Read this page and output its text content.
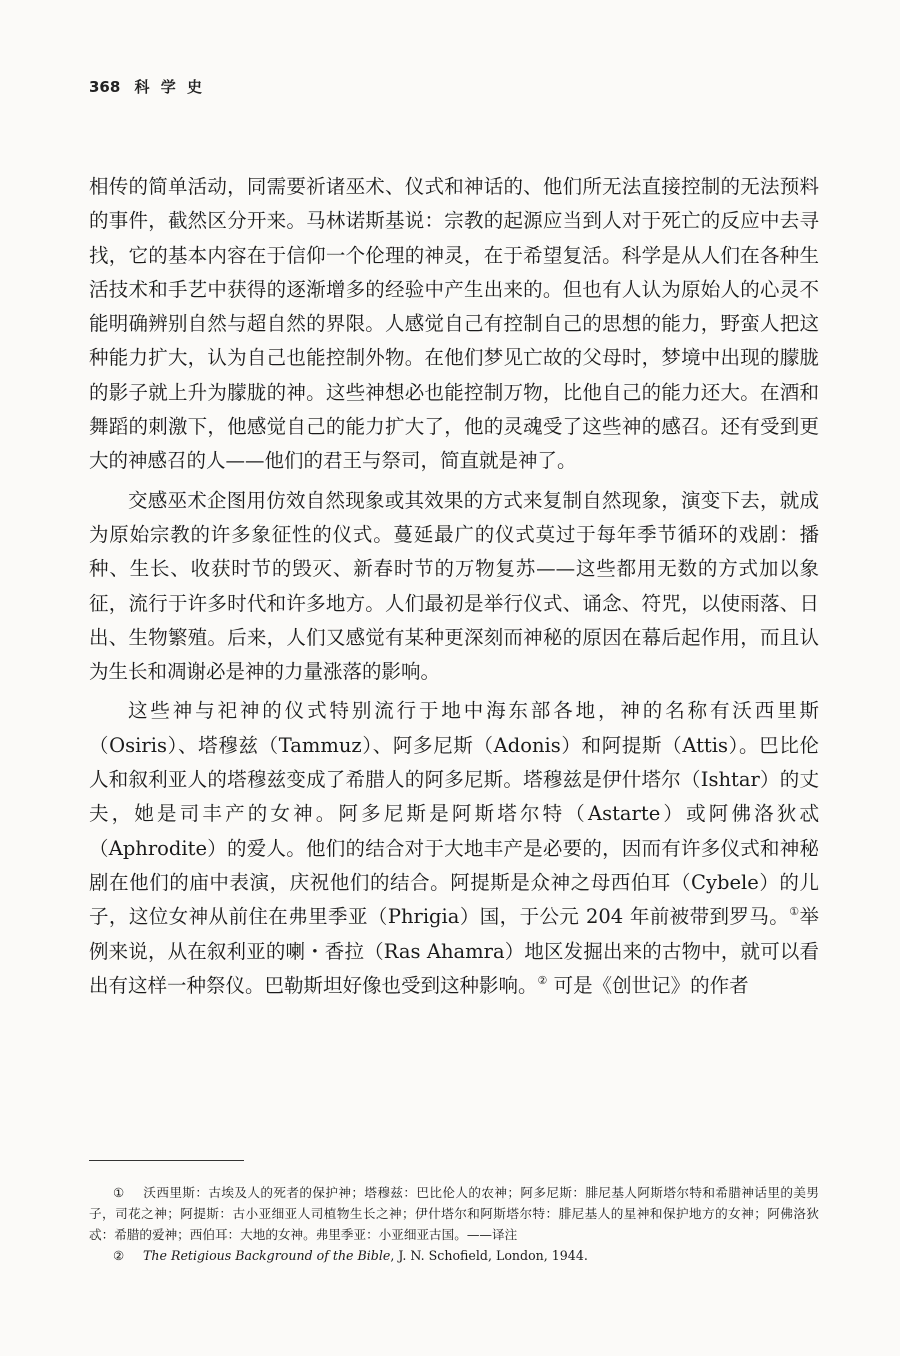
368 科 学 史

相传的简单活动，同需要祈诸巫术、仪式和神话的、他们所无法直接控制的无法预料的事件，截然区分开来。马林诺斯基说：宗教的起源应当到人对于死亡的反应中去寻找，它的基本内容在于信仰一个伦理的神灵，在于希望复活。科学是从人们在各种生活技术和手艺中获得的逐渐增多的经验中产生出来的。但也有人认为原始人的心灵不能明确辨别自然与超自然的界限。人感觉自己有控制自己的思想的能力，野蛮人把这种能力扩大，认为自己也能控制外物。在他们梦见亡故的父母时，梦境中出现的朦胧的影子就上升为朦胧的神。这些神想必也能控制万物，比他自己的能力还大。在酒和舞蹈的刺激下，他感觉自己的能力扩大了，他的灵魂受了这些神的感召。还有受到更大的神感召的人——他们的君王与祭司，简直就是神了。

交感巫术企图用仿效自然现象或其效果的方式来复制自然现象，演变下去，就成为原始宗教的许多象征性的仪式。蔓延最广的仪式莫过于每年季节循环的戏剧：播种、生长、收获时节的毁灭、新春时节的万物复苏——这些都用无数的方式加以象征，流行于许多时代和许多地方。人们最初是举行仪式、诵念、符咒，以使雨落、日出、生物繁殖。后来，人们又感觉有某种更深刻而神秘的原因在幕后起作用，而且认为生长和凋谢必是神的力量涨落的影响。

这些神与祀神的仪式特别流行于地中海东部各地，神的名称有沃西里斯（Osiris）、塔穆兹（Tammuz）、阿多尼斯（Adonis）和阿提斯（Attis）。巴比伦人和叙利亚人的塔穆兹变成了希腊人的阿多尼斯。塔穆兹是伊什塔尔（Ishtar）的丈夫，她是司丰产的女神。阿多尼斯是阿斯塔尔特（Astarte）或阿佛洛狄忒（Aphrodite）的爱人。他们的结合对于大地丰产是必要的，因而有许多仪式和神秘剧在他们的庙中表演，庆祝他们的结合。阿提斯是众神之母西伯耳（Cybele）的儿子，这位女神从前住在弗里季亚（Phrigia）国，于公元 204 年前被带到罗马。①举例来说，从在叙利亚的喇・香拉（Ras Ahamra）地区发掘出来的古物中，就可以看出有这样一种祭仪。巴勒斯坦好像也受到这种影响。② 可是《创世记》的作者

① 沃西里斯：古埃及人的死者的保护神；塔穆兹：巴比伦人的农神；阿多尼斯：腓尼基人阿斯塔尔特和希腊神话里的美男子，司花之神；阿提斯：古小亚细亚人司植物生长之神；伊什塔尔和阿斯塔尔特：腓尼基人的星神和保护地方的女神；阿佛洛狄忒：希腊的爱神；西伯耳：大地的女神。弗里季亚：小亚细亚古国。——译注

② The Retigious Background of the Bible, J. N. Schofield, London, 1944.
